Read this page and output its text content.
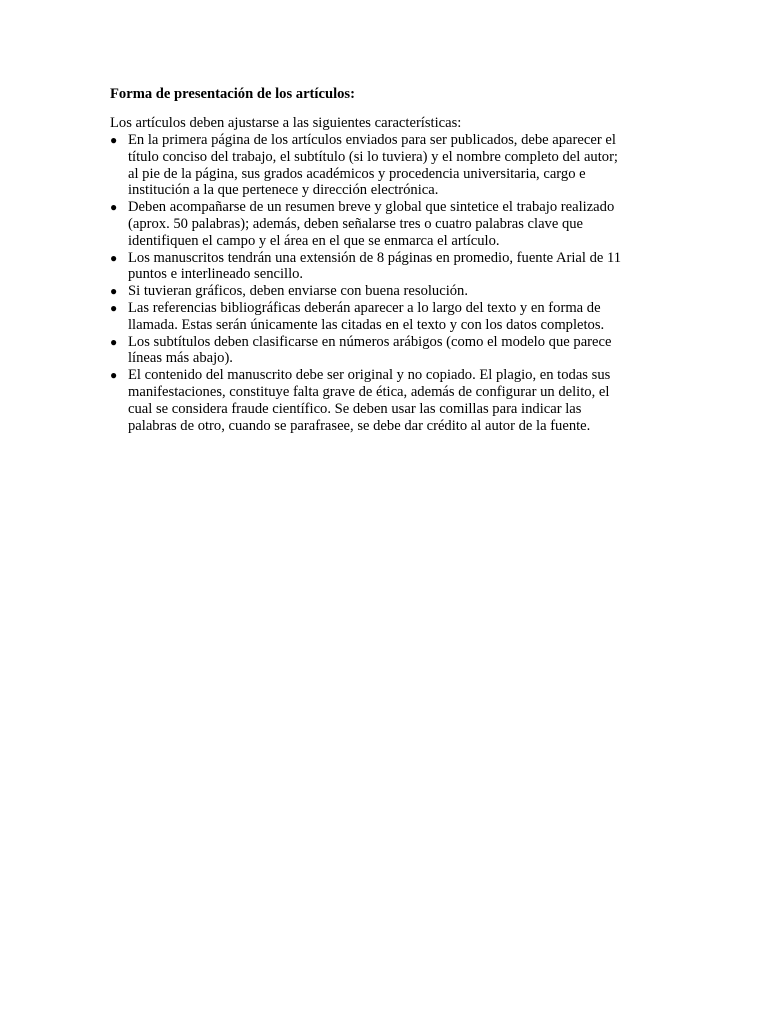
Forma de presentación de los artículos:

Los artículos deben ajustarse a las siguientes características:

● En la primera página de los artículos enviados para ser publicados, debe aparecer el
título conciso del trabajo, el subtítulo (si lo tuviera) y el nombre completo del autor;
al pie de la página, sus grados académicos y procedencia universitaria, cargo e
institución a la que pertenece y dirección electrónica.
● Deben acompañarse de un resumen breve y global que sintetice el trabajo realizado
(aprox. 50 palabras); además, deben señalarse tres o cuatro palabras clave que
identifiquen el campo y el área en el que se enmarca el artículo.
● Los manuscritos tendrán una extensión de 8 páginas en promedio, fuente Arial de 11
puntos e interlineado sencillo.
● Si tuvieran gráficos, deben enviarse con buena resolución.
● Las referencias bibliográficas deberán aparecer a lo largo del texto y en forma de
llamada. Estas serán únicamente las citadas en el texto y con los datos completos.
● Los subtítulos deben clasificarse en números arábigos (como el modelo que parece
líneas más abajo).
● El contenido del manuscrito debe ser original y no copiado. El plagio, en todas sus
manifestaciones, constituye falta grave de ética, además de configurar un delito, el
cual se considera fraude científico. Se deben usar las comillas para indicar las
palabras de otro, cuando se parafrasee, se debe dar crédito al autor de la fuente.
